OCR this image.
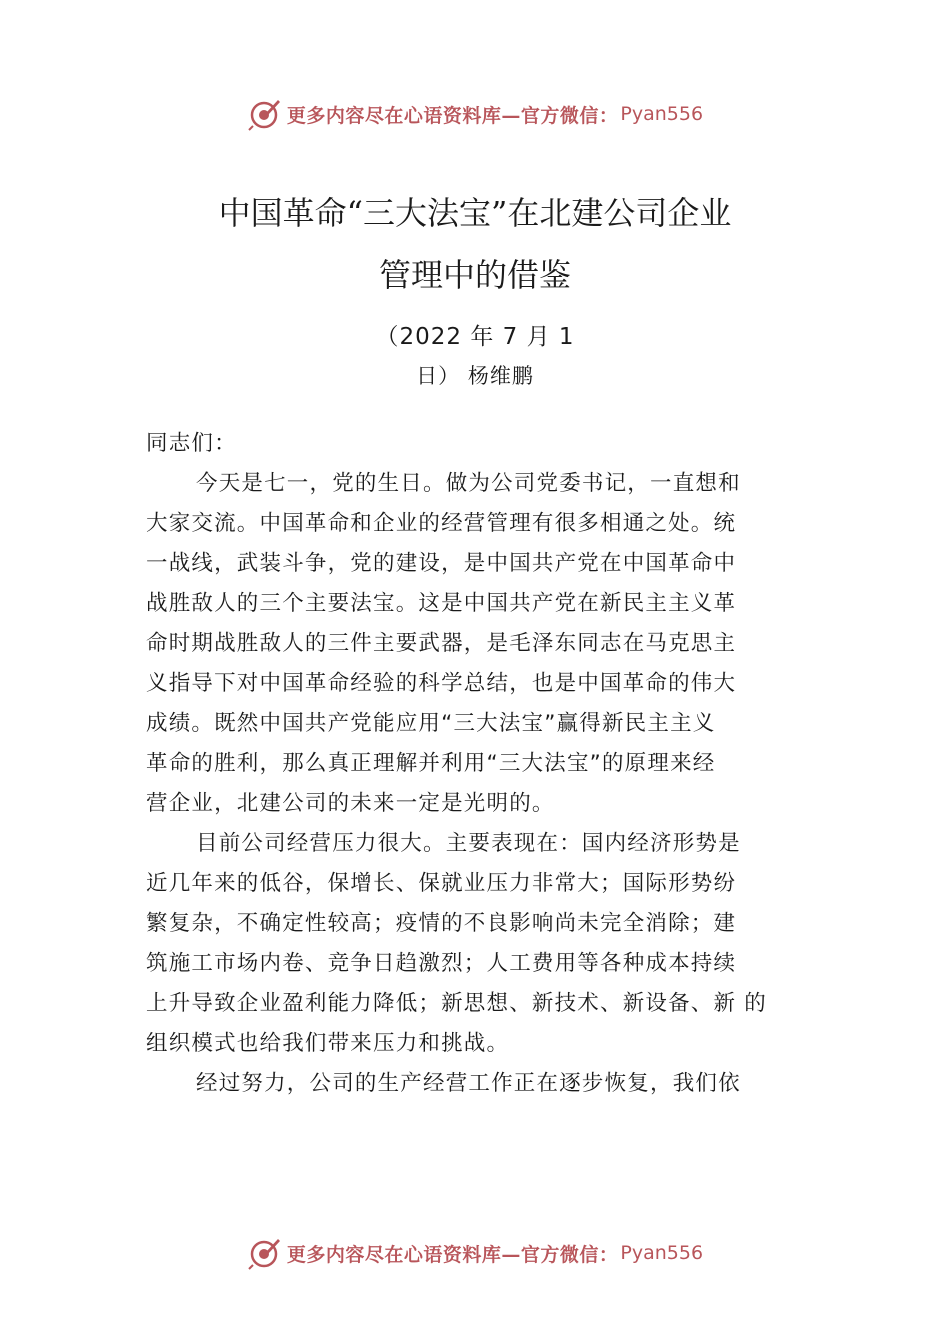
更多内容尽在心语资料库—官方微信： Pyan556
中国革命“三大法宝”在北建公司企业
管理中的借鉴
（2022 年 7 月 1
日） 杨维鹏
同志们：
今天是七一，党的生日。做为公司党委书记，一直想和
大家交流。中国革命和企业的经营管理有很多相通之处。统
一战线，武装斗争，党的建设，是中国共产党在中国革命中
战胜敌人的三个主要法宝。这是中国共产党在新民主主义革
命时期战胜敌人的三件主要武器，是毛泽东同志在马克思主
义指导下对中国革命经验的科学总结，也是中国革命的伟大
成绩。既然中国共产党能应用“三大法宝”赢得新民主主义
革命的胜利，那么真正理解并利用“三大法宝”的原理来经
营企业，北建公司的未来一定是光明的。
目前公司经营压力很大。主要表现在：国内经济形势是
近几年来的低谷，保增长、保就业压力非常大；国际形势纷
繁复杂，不确定性较高；疫情的不良影响尚未完全消除；建
筑施工市场内卷、竞争日趋激烈；人工费用等各种成本持续
上升导致企业盈利能力降低；新思想、新技术、新设备、新 的
组织模式也给我们带来压力和挑战。
经过努力，公司的生产经营工作正在逐步恢复，我们依
更多内容尽在心语资料库—官方微信： Pyan556
